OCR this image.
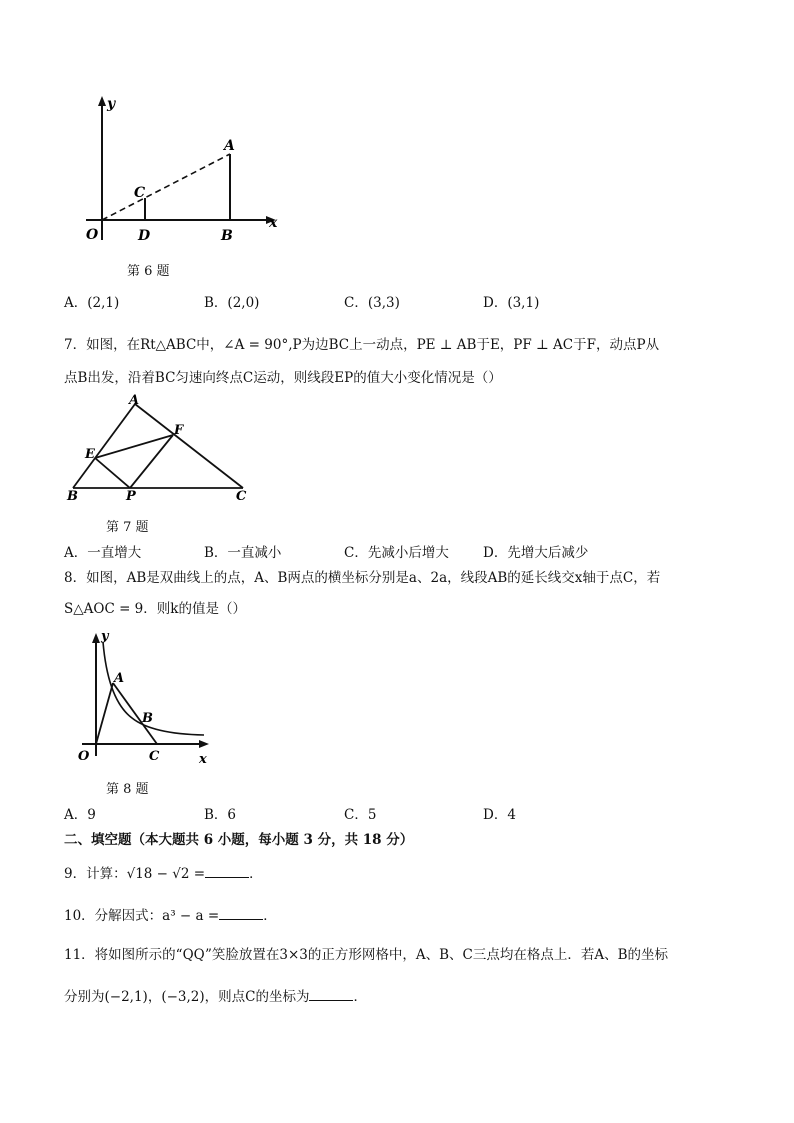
y
x
O
A
B
C
D
第 6 题
A．(2,1)	B．(2,0)	C．(3,3)	D．(3,1)
7．如图，在Rt△ABC中，∠A = 90°,P为边BC上一动点，PE ⊥ AB于E，PF ⊥ AC于F，动点P从
点B出发，沿着BC匀速向终点C运动，则线段EP的值大小变化情况是（）
A
B	C
E
F
P
第 7 题
A．一直增大	B．一直减小	C．先减小后增大	D．先增大后减少
8．如图，AB是双曲线上的点，A、B两点的横坐标分别是a、2a，线段AB的延长线交x轴于点C，若
S△AOC = 9．则k的值是（）
y
x
O
A
B
C
第 8 题
A．9	B．6	C．5	D．4
二、填空题（本大题共 6 小题，每小题 3 分，共 18 分）
9．计算：√18 − √2 =	．
10．分解因式：a³ − a =	．
11．将如图所示的“QQ”笑脸放置在3×3的正方形网格中，A、B、C三点均在格点上．若A、B的坐标
分别为(−2,1)，(−3,2)，则点C的坐标为	．
